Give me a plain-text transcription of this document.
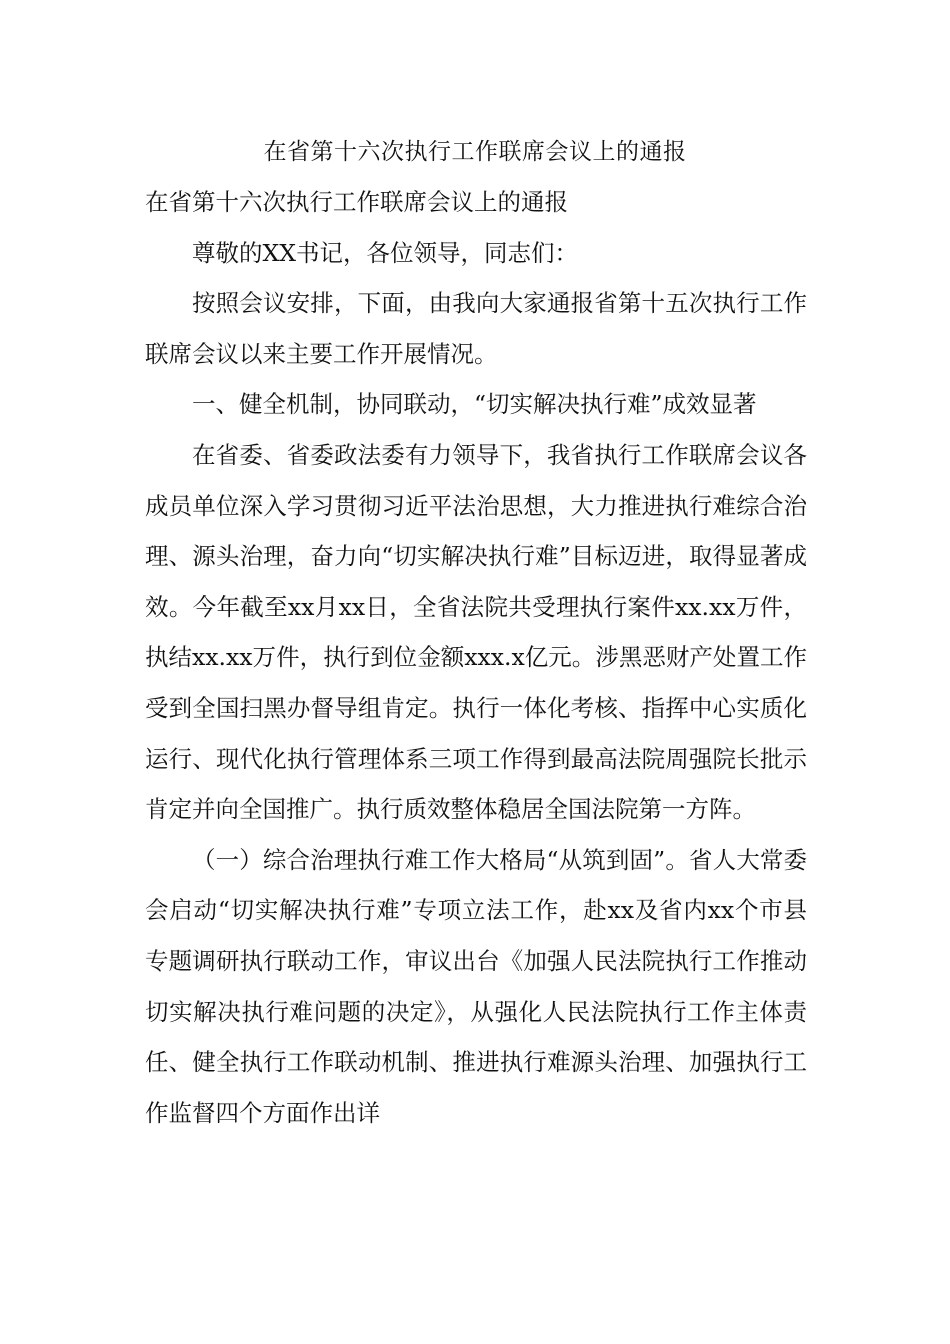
在省第十六次执行工作联席会议上的通报

在省第十六次执行工作联席会议上的通报

尊敬的XX书记，各位领导，同志们：

按照会议安排，下面，由我向大家通报省第十五次执行工作联席会议以来主要工作开展情况。

一、健全机制，协同联动，“切实解决执行难”成效显著

在省委、省委政法委有力领导下，我省执行工作联席会议各成员单位深入学习贯彻习近平法治思想，大力推进执行难综合治理、源头治理，奋力向“切实解决执行难”目标迈进，取得显著成效。今年截至xx月xx日，全省法院共受理执行案件xx.xx万件，执结xx.xx万件，执行到位金额xxx.x亿元。涉黑恶财产处置工作受到全国扫黑办督导组肯定。执行一体化考核、指挥中心实质化运行、现代化执行管理体系三项工作得到最高法院周强院长批示肯定并向全国推广。执行质效整体稳居全国法院第一方阵。

（一）综合治理执行难工作大格局“从筑到固”。省人大常委会启动“切实解决执行难”专项立法工作，赴xx及省内xx个市县专题调研执行联动工作，审议出台《加强人民法院执行工作推动切实解决执行难问题的决定》，从强化人民法院执行工作主体责任、健全执行工作联动机制、推进执行难源头治理、加强执行工作监督四个方面作出详
